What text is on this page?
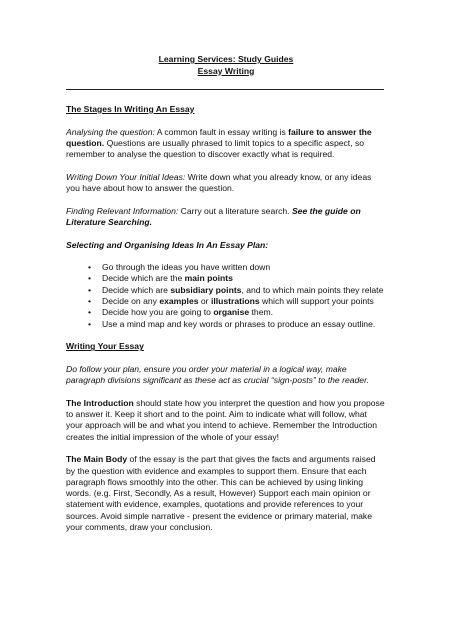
Learning Services: Study Guides
Essay Writing

The Stages In Writing An Essay

Analysing the question: A common fault in essay writing is failure to answer the question. Questions are usually phrased to limit topics to a specific aspect, so remember to analyse the question to discover exactly what is required.

Writing Down Your Initial Ideas: Write down what you already know, or any ideas you have about how to answer the question.

Finding Relevant Information: Carry out a literature search. See the guide on Literature Searching.

Selecting and Organising Ideas In An Essay Plan:

• Go through the ideas you have written down
• Decide which are the main points
• Decide which are subsidiary points, and to which main points they relate
• Decide on any examples or illustrations which will support your points
• Decide how you are going to organise them.
• Use a mind map and key words or phrases to produce an essay outline.

Writing Your Essay

Do follow your plan, ensure you order your material in a logical way, make paragraph divisions significant as these act as crucial “sign-posts” to the reader.

The Introduction should state how you interpret the question and how you propose to answer it. Keep it short and to the point. Aim to indicate what will follow, what your approach will be and what you intend to achieve. Remember the Introduction creates the initial impression of the whole of your essay!

The Main Body of the essay is the part that gives the facts and arguments raised by the question with evidence and examples to support them. Ensure that each paragraph flows smoothly into the other. This can be achieved by using linking words. (e.g. First, Secondly, As a result, However) Support each main opinion or statement with evidence, examples, quotations and provide references to your sources. Avoid simple narrative - present the evidence or primary material, make your comments, draw your conclusion.
